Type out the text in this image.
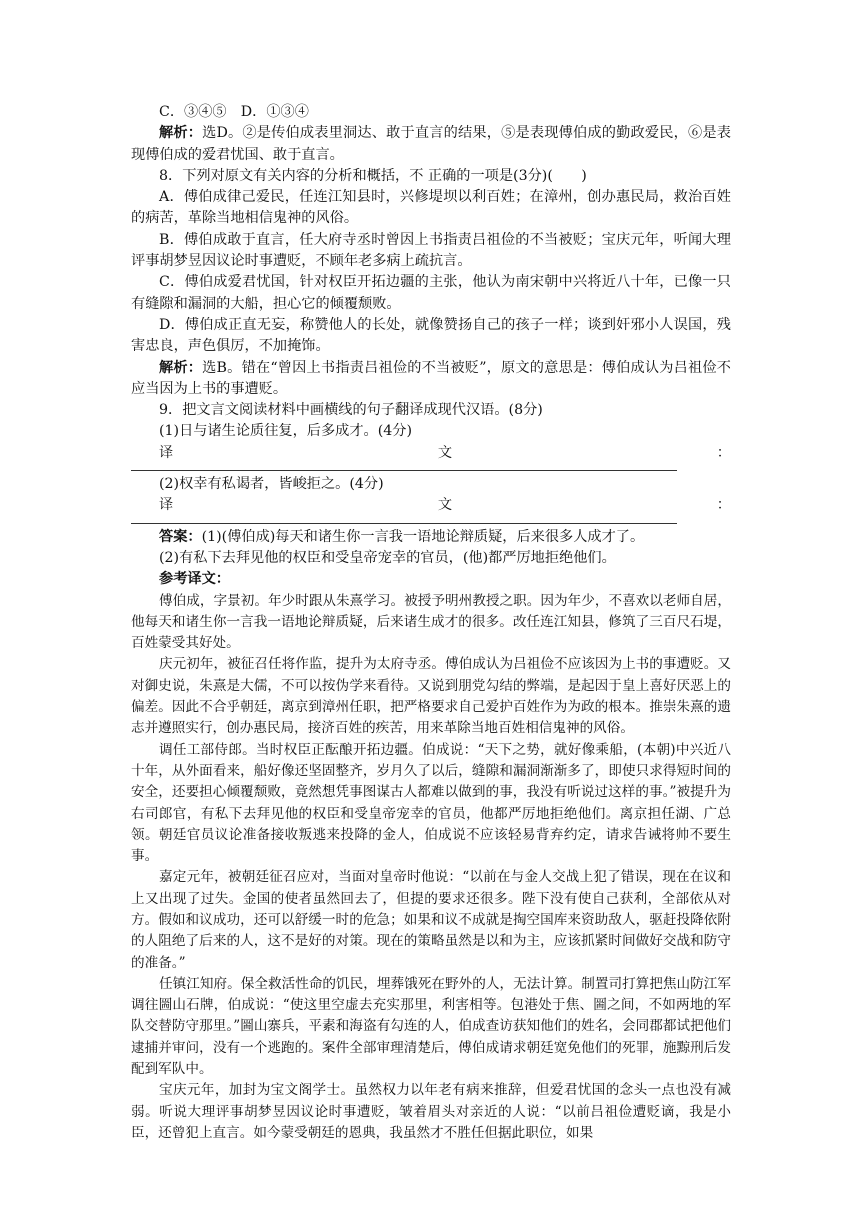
C．③④⑤　D．①③④

解析：选D。②是传伯成表里洞达、敢于直言的结果，⑤是表现傅伯成的勤政爱民，⑥是表现傅伯成的爱君忧国、敢于直言。

8．下列对原文有关内容的分析和概括，不 正确的一项是(3分)(　　)

A．傅伯成律己爱民，任连江知县时，兴修堤坝以利百姓；在漳州，创办惠民局，救治百姓的病苦，革除当地相信鬼神的风俗。

B．傅伯成敢于直言，任大府寺丞时曾因上书指责吕祖俭的不当被贬；宝庆元年，听闻大理评事胡梦昱因议论时事遭贬，不顾年老多病上疏抗言。

C．傅伯成爱君忧国，针对权臣开拓边疆的主张，他认为南宋朝中兴将近八十年，已像一只有缝隙和漏洞的大船，担心它的倾覆颓败。

D．傅伯成正直无妄，称赞他人的长处，就像赞扬自己的孩子一样；谈到奸邪小人误国，残害忠良，声色俱厉，不加掩饰。

解析：选B。错在“曾因上书指责吕祖俭的不当被贬”，原文的意思是：傅伯成认为吕祖俭不应当因为上书的事遭贬。

9．把文言文阅读材料中画横线的句子翻译成现代汉语。(8分)

(1)日与诸生论质往复，后多成才。(4分)

译	文	：

(2)权幸有私谒者，皆峻拒之。(4分)

译	文	：

答案：(1)(傅伯成)每天和诸生你一言我一语地论辩质疑，后来很多人成才了。

(2)有私下去拜见他的权臣和受皇帝宠幸的官员，(他)都严厉地拒绝他们。

参考译文：

傅伯成，字景初。年少时跟从朱熹学习。被授予明州教授之职。因为年少，不喜欢以老师自居，他每天和诸生你一言我一语地论辩质疑，后来诸生成才的很多。改任连江知县，修筑了三百尺石堤，百姓蒙受其好处。

庆元初年，被征召任将作监，提升为太府寺丞。傅伯成认为吕祖俭不应该因为上书的事遭贬。又对御史说，朱熹是大儒，不可以按伪学来看待。又说到朋党勾结的弊端，是起因于皇上喜好厌恶上的偏差。因此不合乎朝廷，离京到漳州任职，把严格要求自己爱护百姓作为为政的根本。推崇朱熹的遗志并遵照实行，创办惠民局，接济百姓的疾苦，用来革除当地百姓相信鬼神的风俗。

调任工部侍郎。当时权臣正酝酿开拓边疆。伯成说：“天下之势，就好像乘船，(本朝)中兴近八十年，从外面看来，船好像还坚固整齐，岁月久了以后，缝隙和漏洞渐渐多了，即使只求得短时间的安全，还要担心倾覆颓败，竟然想凭事图谋古人都难以做到的事，我没有听说过这样的事。”被提升为右司郎官，有私下去拜见他的权臣和受皇帝宠幸的官员，他都严厉地拒绝他们。离京担任湖、广总领。朝廷官员议论准备接收叛逃来投降的金人，伯成说不应该轻易背弃约定，请求告诫将帅不要生事。

嘉定元年，被朝廷征召应对，当面对皇帝时他说：“以前在与金人交战上犯了错误，现在在议和上又出现了过失。金国的使者虽然回去了，但提的要求还很多。陛下没有使自己获利，全部依从对方。假如和议成功，还可以舒缓一时的危急；如果和议不成就是掏空国库来资助敌人，驱赶投降依附的人阻绝了后来的人，这不是好的对策。现在的策略虽然是以和为主，应该抓紧时间做好交战和防守的准备。”

任镇江知府。保全救活性命的饥民，埋葬饿死在野外的人，无法计算。制置司打算把焦山防江军调往圌山石牌，伯成说：“使这里空虚去充实那里，利害相等。包港处于焦、圌之间，不如两地的军队交替防守那里。”圌山寨兵，平素和海盗有勾连的人，伯成查访获知他们的姓名，会同郡都试把他们逮捕并审问，没有一个逃跑的。案件全部审理清楚后，傅伯成请求朝廷宽免他们的死罪，施黥刑后发配到军队中。

宝庆元年，加封为宝文阁学士。虽然权力以年老有病来推辞，但爱君忧国的念头一点也没有减弱。听说大理评事胡梦昱因议论时事遭贬，皱着眉头对亲近的人说：“以前吕祖俭遭贬谪，我是小臣，还曾犯上直言。如今蒙受朝廷的恩典，我虽然才不胜任但据此职位，如果
